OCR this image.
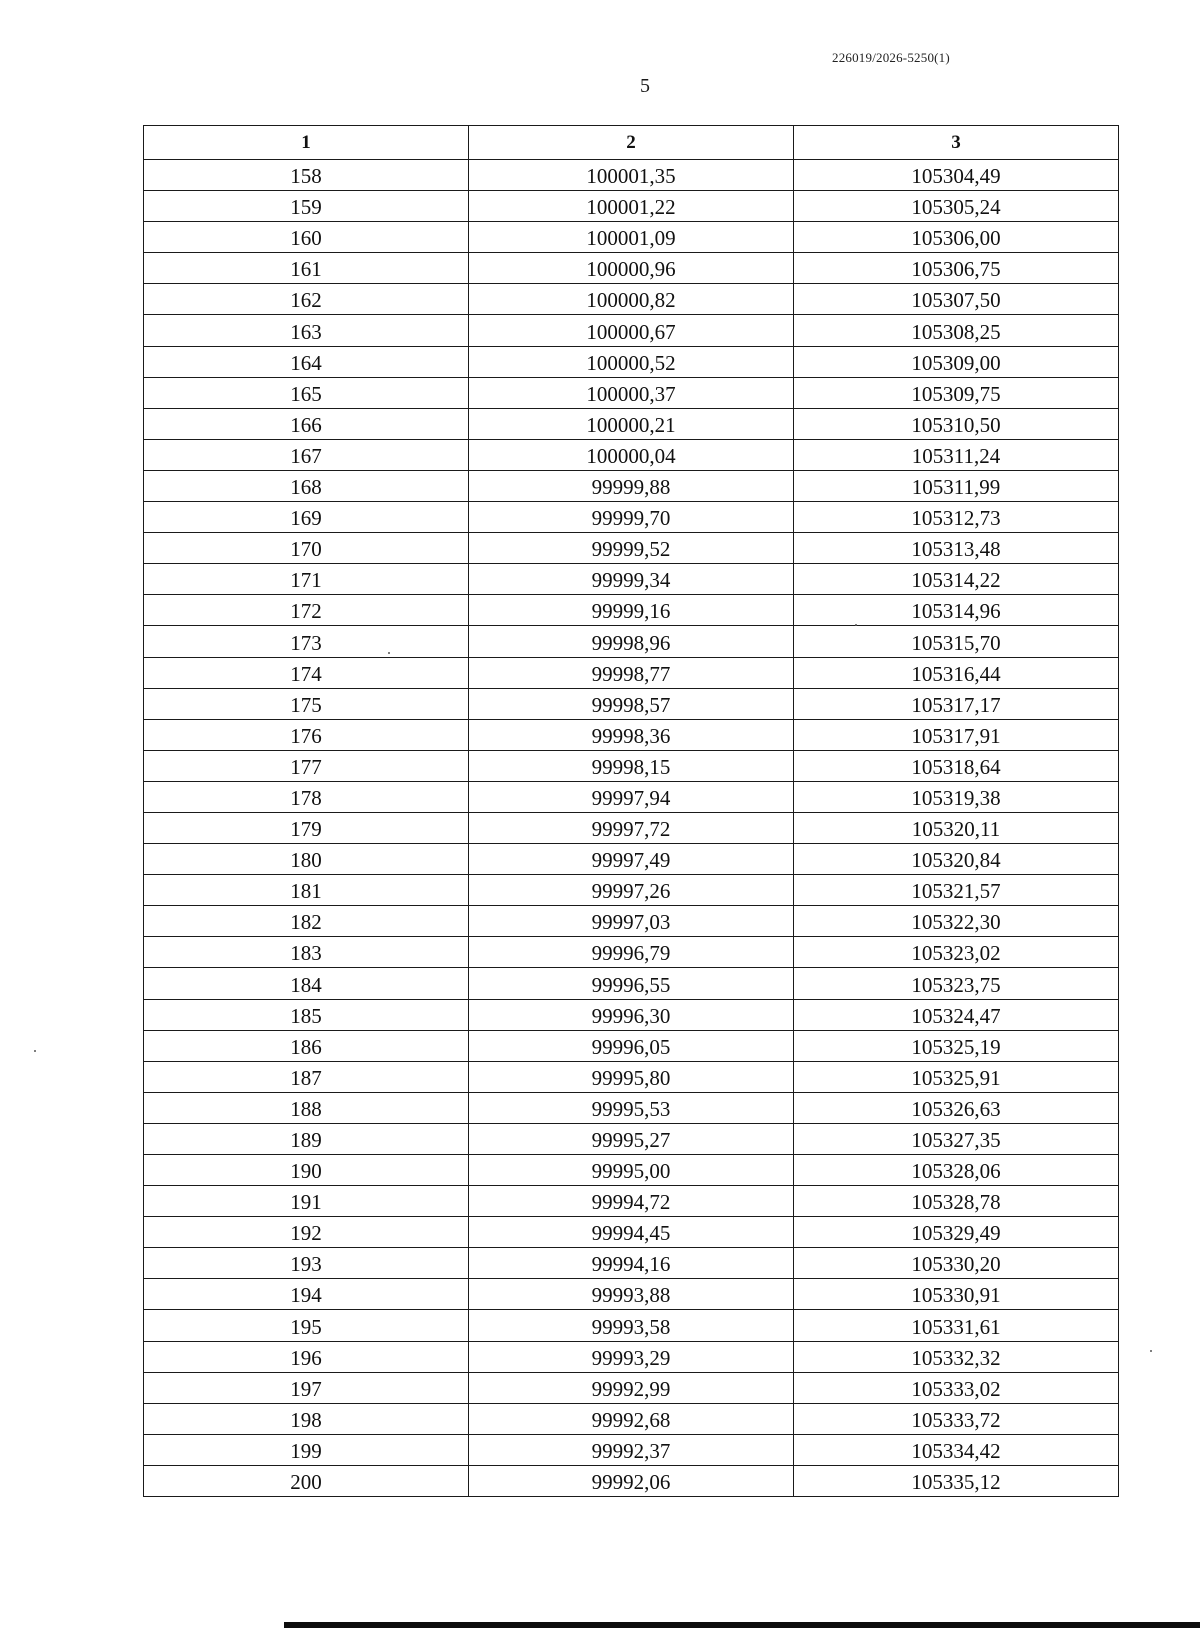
226019/2026-5250(1)
5
1	2	3
158	100001,35	105304,49
159	100001,22	105305,24
160	100001,09	105306,00
161	100000,96	105306,75
162	100000,82	105307,50
163	100000,67	105308,25
164	100000,52	105309,00
165	100000,37	105309,75
166	100000,21	105310,50
167	100000,04	105311,24
168	99999,88	105311,99
169	99999,70	105312,73
170	99999,52	105313,48
171	99999,34	105314,22
172	99999,16	105314,96
173	99998,96	105315,70
174	99998,77	105316,44
175	99998,57	105317,17
176	99998,36	105317,91
177	99998,15	105318,64
178	99997,94	105319,38
179	99997,72	105320,11
180	99997,49	105320,84
181	99997,26	105321,57
182	99997,03	105322,30
183	99996,79	105323,02
184	99996,55	105323,75
185	99996,30	105324,47
186	99996,05	105325,19
187	99995,80	105325,91
188	99995,53	105326,63
189	99995,27	105327,35
190	99995,00	105328,06
191	99994,72	105328,78
192	99994,45	105329,49
193	99994,16	105330,20
194	99993,88	105330,91
195	99993,58	105331,61
196	99993,29	105332,32
197	99992,99	105333,02
198	99992,68	105333,72
199	99992,37	105334,42
200	99992,06	105335,12
